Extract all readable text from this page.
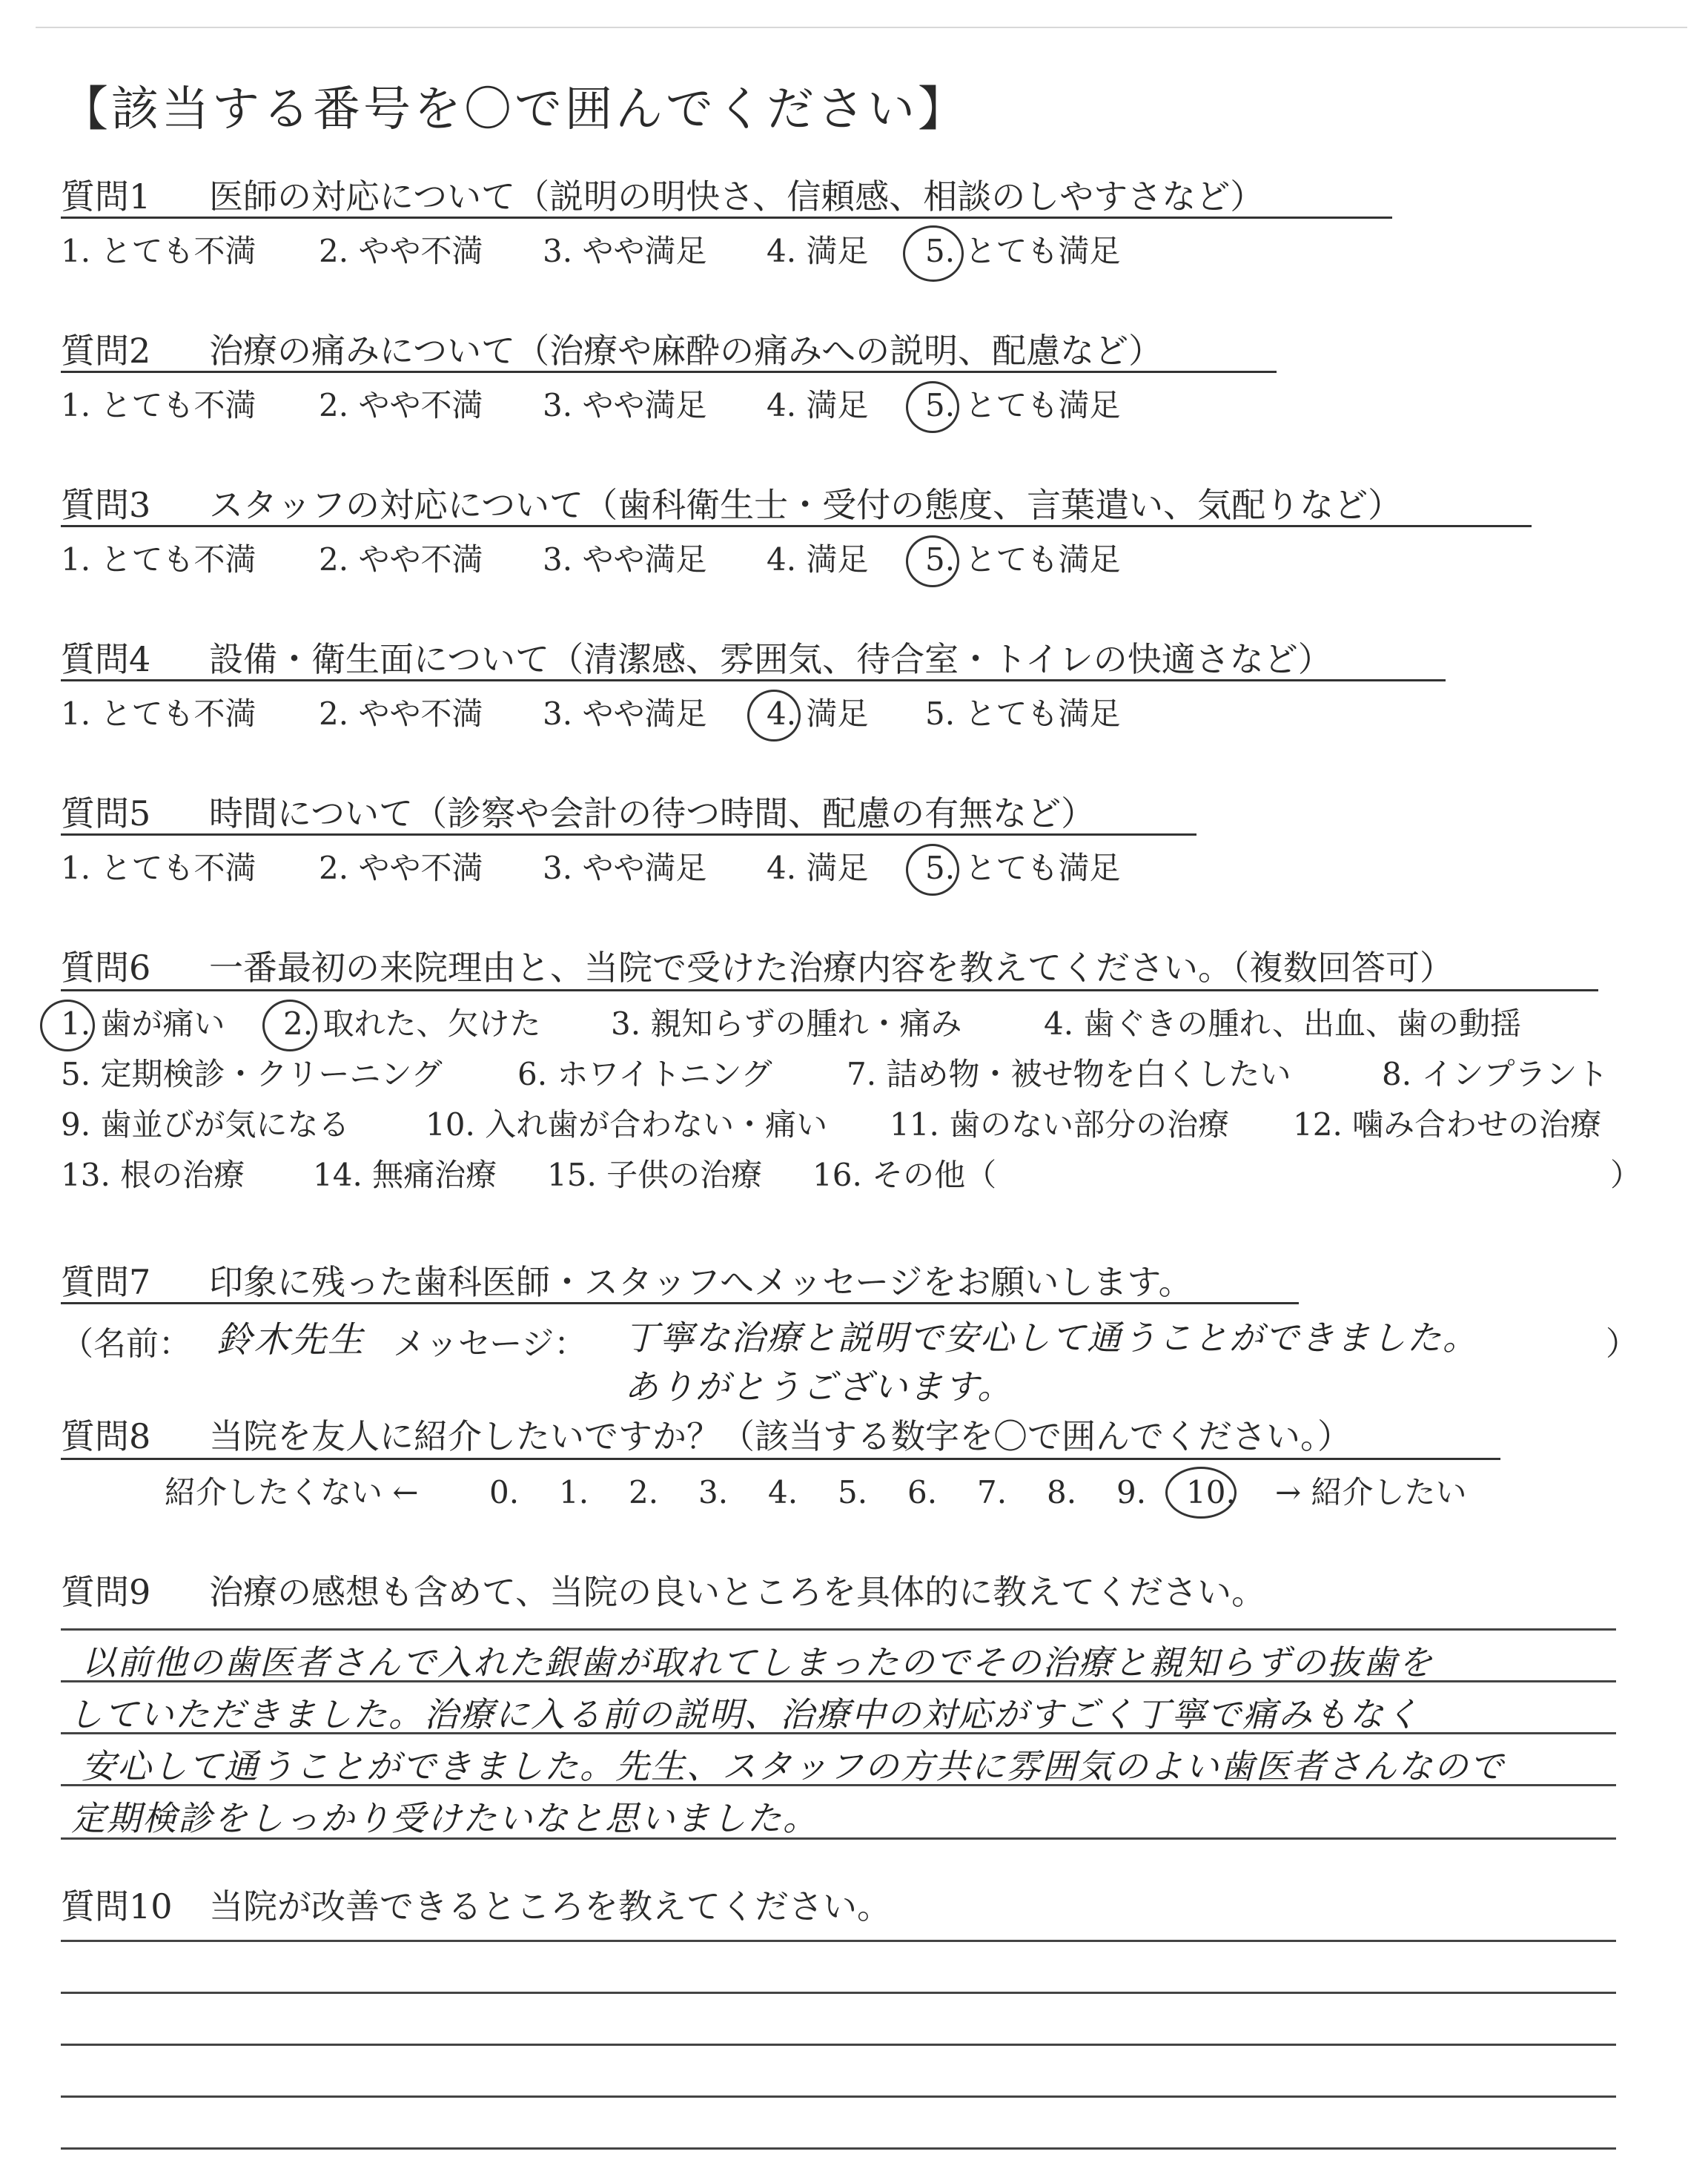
【該当する番号を〇で囲んでください】
質問1 医師の対応について（説明の明快さ、信頼感、相談のしやすさなど）
1. とても不満 2. やや不満 3. やや満足 4. 満足 5. とても満足
質問2 治療の痛みについて（治療や麻酔の痛みへの説明、配慮など）
1. とても不満 2. やや不満 3. やや満足 4. 満足 5. とても満足
質問3 スタッフの対応について（歯科衛生士・受付の態度、言葉遣い、気配りなど）
1. とても不満 2. やや不満 3. やや満足 4. 満足 5. とても満足
質問4 設備・衛生面について（清潔感、雰囲気、待合室・トイレの快適さなど）
1. とても不満 2. やや不満 3. やや満足 4. 満足 5. とても満足
質問5 時間について（診察や会計の待つ時間、配慮の有無など）
1. とても不満 2. やや不満 3. やや満足 4. 満足 5. とても満足
質問6 一番最初の来院理由と、当院で受けた治療内容を教えてください。（複数回答可）
1. 歯が痛い 2. 取れた、欠けた 3. 親知らずの腫れ・痛み	4. 歯ぐきの腫れ、出血、歯の動揺
5. 定期検診・クリーニング 6. ホワイトニング 7. 詰め物・被せ物を白くしたい	8. インプラント
9. 歯並びが気になる 10. 入れ歯が合わない・痛い 11. 歯のない部分の治療 12. 噛み合わせの治療
13. 根の治療 14. 無痛治療 15. 子供の治療 16. その他（	）
質問7 印象に残った歯科医師・スタッフへメッセージをお願いします。
（名前： 鈴木先生 メッセージ： 丁寧な治療と説明で安心して通うことができました。
ありがとうございます。
）
質問8 当院を友人に紹介したいですか？（該当する数字を〇で囲んでください。）
紹介したくない ← 0. 1. 2. 3. 4. 5. 6. 7. 8. 9. 10. → 紹介したい
質問9 治療の感想も含めて、当院の良いところを具体的に教えてください。
以前他の歯医者さんで入れた銀歯が取れてしまったのでその治療と親知らずの抜歯を
していただきました。治療に入る前の説明、治療中の対応がすごく丁寧で痛みもなく
安心して通うことができました。先生、スタッフの方共に雰囲気のよい歯医者さんなので
定期検診をしっかり受けたいなと思いました。
質問10 当院が改善できるところを教えてください。
